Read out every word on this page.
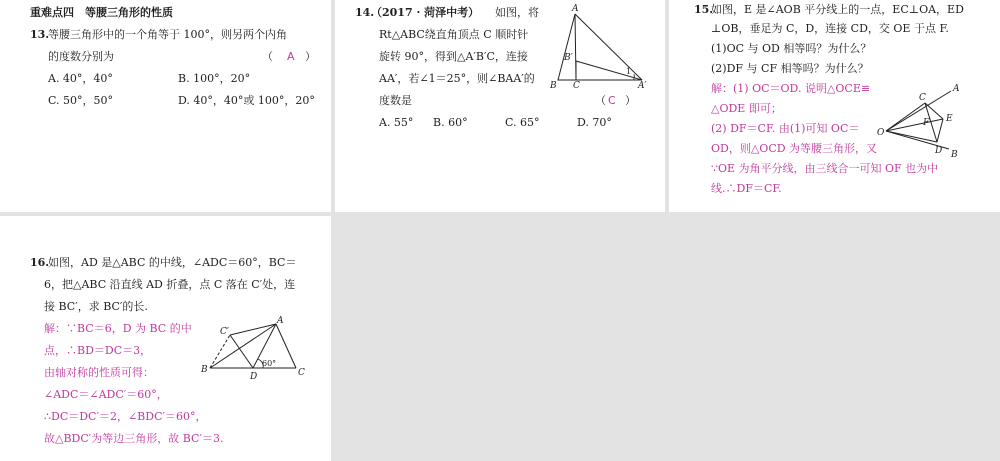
重难点四　等腰三角形的性质
13.
等腰三角形中的一个角等于 100°，则另两个内角
的度数分别为	（ A ）
A. 40°，40°	B. 100°，20°
C. 50°，50°	D. 40°，40°或 100°，20°
14.
（2017 · 菏泽中考） 如图，将
Rt△ABC绕直角顶点 C 顺时针
旋转 90°，得到△A′B′C，连接
AA′，若∠1＝25°，则∠BAA′的
度数是	（ C ）
A. 55° B. 60°	C. 65°	D. 70°
A
B C
B′
A′
1
15.
如图，E 是∠AOB 平分线上的一点，EC⊥OA，ED
⊥OB，垂足为 C，D，连接 CD，交 OE 于点 F.
(1)OC 与 OD 相等吗？为什么？
(2)DF 与 CF 相等吗？为什么？
解：(1) OC＝OD. 说明△OCE≌
△ODE 即可；
(2) DF＝CF. 由(1)可知 OC＝
OD，则△OCD 为等腰三角形，又
∵OE 为角平分线，由三线合一可知 OF 也为中
线.∴DF＝CF.
O
A
B
C
D
E
F
16.
如图，AD 是△ABC 的中线，∠ADC＝60°，BC＝
6，把△ABC 沿直线 AD 折叠，点 C 落在 C′处，连
接 BC′，求 BC′的长.
解：∵BC＝6，D 为 BC 的中
点，∴BD＝DC＝3，
由轴对称的性质可得：
∠ADC＝∠ADC′＝60°，
∴DC＝DC′＝2，∠BDC′＝60°，
故△BDC′为等边三角形，故 BC′＝3.
A
B	C
D
C′
60°
